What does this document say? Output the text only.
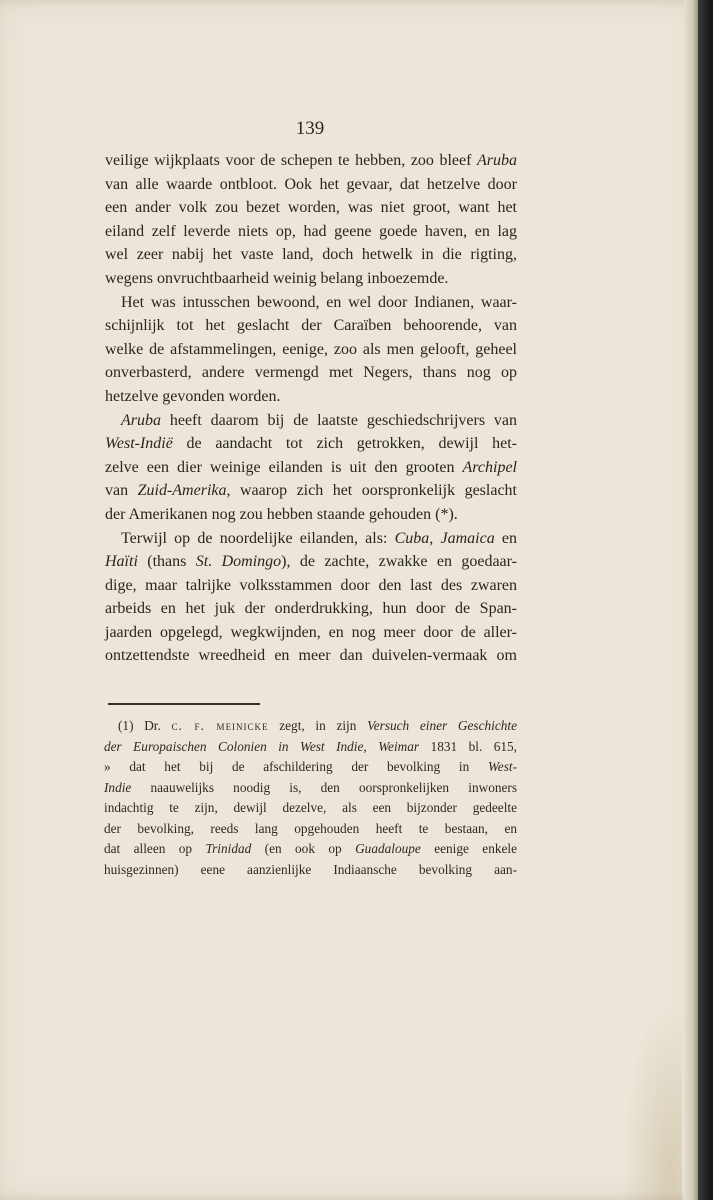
139

veilige wijkplaats voor de schepen te hebben, zoo bleef Aruba

van alle waarde ontbloot. Ook het gevaar, dat hetzelve door

een ander volk zou bezet worden, was niet groot, want het

eiland zelf leverde niets op, had geene goede haven, en lag

wel zeer nabij het vaste land, doch hetwelk in die rigting,

wegens onvruchtbaarheid weinig belang inboezemde.

Het was intusschen bewoond, en wel door Indianen, waar-

schijnlijk tot het geslacht der Caraïben behoorende, van

welke de afstammelingen, eenige, zoo als men gelooft, geheel

onverbasterd, andere vermengd met Negers, thans nog op

hetzelve gevonden worden.

Aruba heeft daarom bij de laatste geschiedschrijvers van

West-Indië de aandacht tot zich getrokken, dewijl het-

zelve een dier weinige eilanden is uit den grooten Archipel

van Zuid-Amerika, waarop zich het oorspronkelijk geslacht

der Amerikanen nog zou hebben staande gehouden (*).

Terwijl op de noordelijke eilanden, als: Cuba, Jamaica en

Haïti (thans St. Domingo), de zachte, zwakke en goedaar-

dige, maar talrijke volksstammen door den last des zwaren

arbeids en het juk der onderdrukking, hun door de Span-

jaarden opgelegd, wegkwijnden, en nog meer door de aller-

ontzettendste wreedheid en meer dan duivelen-vermaak om

(1) Dr. c. f. meinicke zegt, in zijn Versuch einer Geschichte

der Europaischen Colonien in West Indie, Weimar 1831 bl. 615,

» dat het bij de afschildering der bevolking in West-

Indie naauwelijks noodig is, den oorspronkelijken inwoners

indachtig te zijn, dewijl dezelve, als een bijzonder gedeelte

der bevolking, reeds lang opgehouden heeft te bestaan, en

dat alleen op Trinidad (en ook op Guadaloupe eenige enkele

huisgezinnen) eene aanzienlijke Indiaansche bevolking aan-
